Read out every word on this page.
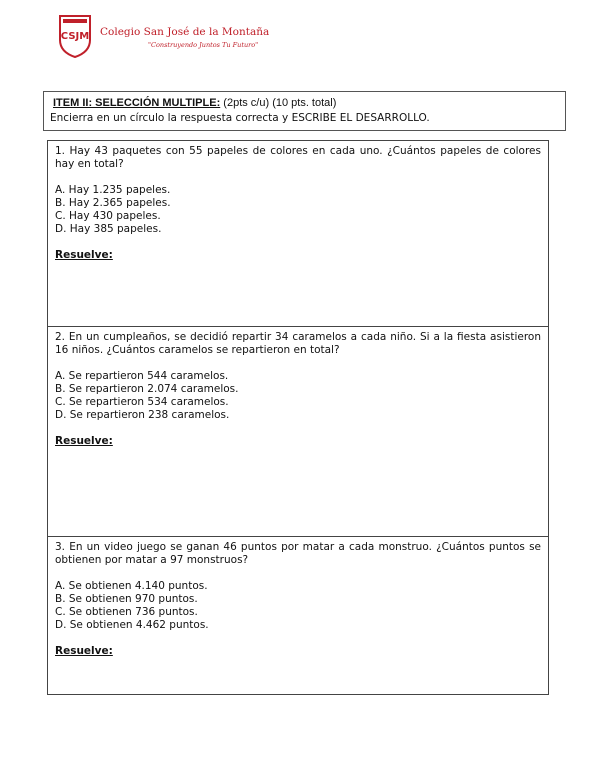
CSJM Colegio San José de la Montaña
"Construyendo Juntos Tu Futuro"
ITEM II: SELECCIÓN MULTIPLE: (2pts c/u) (10 pts. total)
Encierra en un círculo la respuesta correcta y ESCRIBE EL DESARROLLO.

1. Hay 43 paquetes con 55 papeles de colores en cada uno. ¿Cuántos papeles de colores hay en total?

A. Hay 1.235 papeles.

B. Hay 2.365 papeles.

C. Hay 430 papeles.

D. Hay 385 papeles.

Resuelve:

2. En un cumpleaños, se decidió repartir 34 caramelos a cada niño. Si a la fiesta asistieron 16 niños. ¿Cuántos caramelos se repartieron en total?

A. Se repartieron 544 caramelos.

B. Se repartieron 2.074 caramelos.

C. Se repartieron 534 caramelos.

D. Se repartieron 238 caramelos.

Resuelve:

3. En un video juego se ganan 46 puntos por matar a cada monstruo. ¿Cuántos puntos se obtienen por matar a 97 monstruos?

A. Se obtienen 4.140 puntos.

B. Se obtienen 970 puntos.

C. Se obtienen 736 puntos.

D. Se obtienen 4.462 puntos.

Resuelve:
